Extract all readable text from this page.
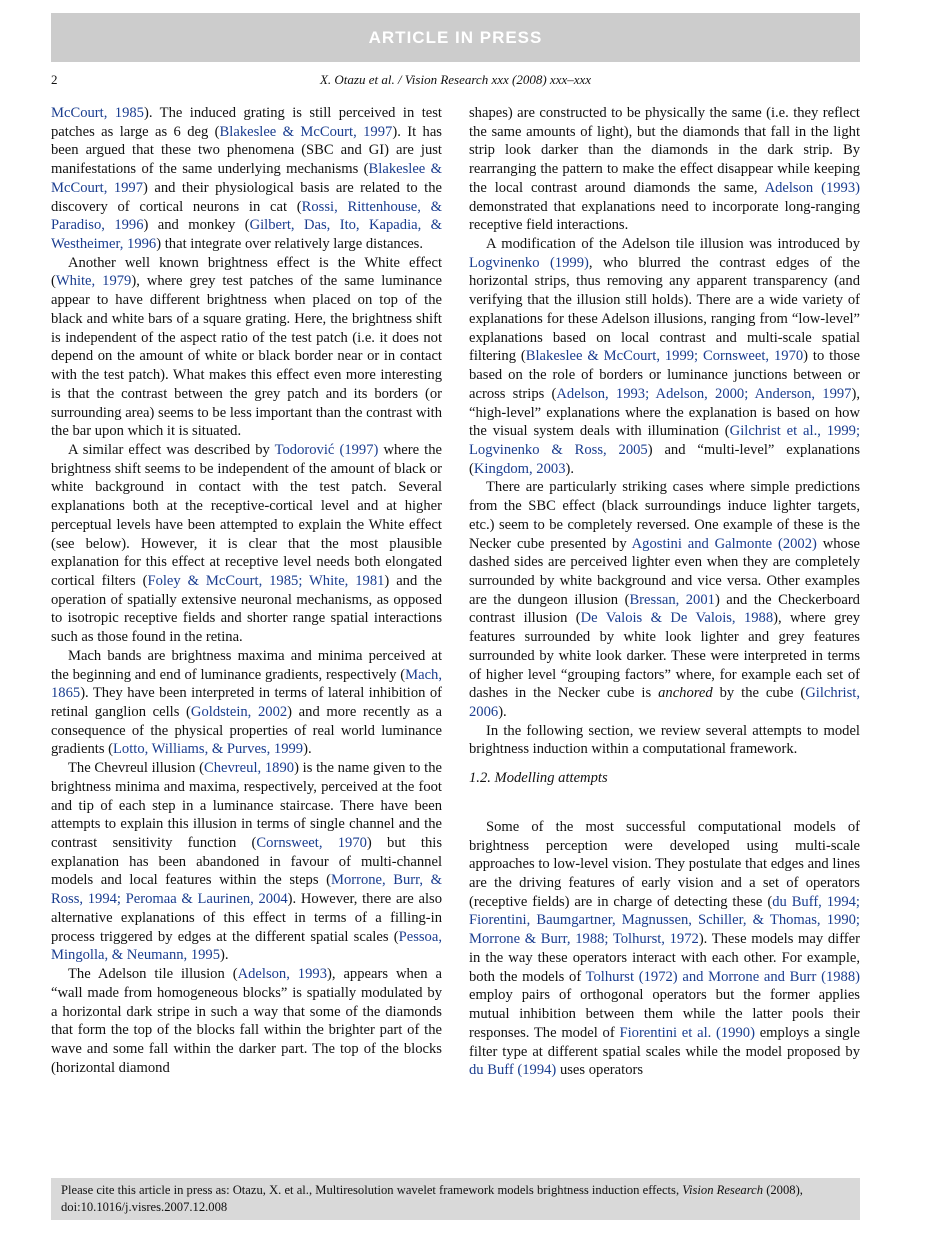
ARTICLE IN PRESS
2	X. Otazu et al. / Vision Research xxx (2008) xxx–xxx

McCourt, 1985). The induced grating is still perceived in test patches as large as 6 deg (Blakeslee & McCourt, 1997). It has been argued that these two phenomena (SBC and GI) are just manifestations of the same underlying mechanisms (Blakeslee & McCourt, 1997) and their physiological basis are related to the discovery of cortical neurons in cat (Rossi, Rittenhouse, & Paradiso, 1996) and monkey (Gilbert, Das, Ito, Kapadia, & Westheimer, 1996) that integrate over relatively large distances.

Another well known brightness effect is the White effect (White, 1979), where grey test patches of the same luminance appear to have different brightness when placed on top of the black and white bars of a square grating. Here, the brightness shift is independent of the aspect ratio of the test patch (i.e. it does not depend on the amount of white or black border near or in contact with the test patch). What makes this effect even more interesting is that the contrast between the grey patch and its borders (or surrounding area) seems to be less important than the contrast with the bar upon which it is situated.

A similar effect was described by Todorović (1997) where the brightness shift seems to be independent of the amount of black or white background in contact with the test patch. Several explanations both at the receptive-cortical level and at higher perceptual levels have been attempted to explain the White effect (see below). However, it is clear that the most plausible explanation for this effect at receptive level needs both elongated cortical filters (Foley & McCourt, 1985; White, 1981) and the operation of spatially extensive neuronal mechanisms, as opposed to isotropic receptive fields and shorter range spatial interactions such as those found in the retina.

Mach bands are brightness maxima and minima perceived at the beginning and end of luminance gradients, respectively (Mach, 1865). They have been interpreted in terms of lateral inhibition of retinal ganglion cells (Goldstein, 2002) and more recently as a consequence of the physical properties of real world luminance gradients (Lotto, Williams, & Purves, 1999).

The Chevreul illusion (Chevreul, 1890) is the name given to the brightness minima and maxima, respectively, perceived at the foot and tip of each step in a luminance staircase. There have been attempts to explain this illusion in terms of single channel and the contrast sensitivity function (Cornsweet, 1970) but this explanation has been abandoned in favour of multi-channel models and local features within the steps (Morrone, Burr, & Ross, 1994; Peromaa & Laurinen, 2004). However, there are also alternative explanations of this effect in terms of a filling-in process triggered by edges at the different spatial scales (Pessoa, Mingolla, & Neumann, 1995).

The Adelson tile illusion (Adelson, 1993), appears when a “wall made from homogeneous blocks” is spatially modulated by a horizontal dark stripe in such a way that some of the diamonds that form the top of the blocks fall within the brighter part of the wave and some fall within the darker part. The top of the blocks (horizontal diamond

shapes) are constructed to be physically the same (i.e. they reflect the same amounts of light), but the diamonds that fall in the light strip look darker than the diamonds in the dark strip. By rearranging the pattern to make the effect disappear while keeping the local contrast around diamonds the same, Adelson (1993) demonstrated that explanations need to incorporate long-ranging receptive field interactions.

A modification of the Adelson tile illusion was introduced by Logvinenko (1999), who blurred the contrast edges of the horizontal strips, thus removing any apparent transparency (and verifying that the illusion still holds). There are a wide variety of explanations for these Adelson illusions, ranging from “low-level” explanations based on local contrast and multi-scale spatial filtering (Blakeslee & McCourt, 1999; Cornsweet, 1970) to those based on the role of borders or luminance junctions between or across strips (Adelson, 1993; Adelson, 2000; Anderson, 1997), “high-level” explanations where the explanation is based on how the visual system deals with illumination (Gilchrist et al., 1999; Logvinenko & Ross, 2005) and “multi-level” explanations (Kingdom, 2003).

There are particularly striking cases where simple predictions from the SBC effect (black surroundings induce lighter targets, etc.) seem to be completely reversed. One example of these is the Necker cube presented by Agostini and Galmonte (2002) whose dashed sides are perceived lighter even when they are completely surrounded by white background and vice versa. Other examples are the dungeon illusion (Bressan, 2001) and the Checkerboard contrast illusion (De Valois & De Valois, 1988), where grey features surrounded by white look lighter and grey features surrounded by white look darker. These were interpreted in terms of higher level “grouping factors” where, for example each set of dashes in the Necker cube is anchored by the cube (Gilchrist, 2006).

In the following section, we review several attempts to model brightness induction within a computational framework.

1.2. Modelling attempts

Some of the most successful computational models of brightness perception were developed using multi-scale approaches to low-level vision. They postulate that edges and lines are the driving features of early vision and a set of operators (receptive fields) are in charge of detecting these (du Buff, 1994; Fiorentini, Baumgartner, Magnussen, Schiller, & Thomas, 1990; Morrone & Burr, 1988; Tolhurst, 1972). These models may differ in the way these operators interact with each other. For example, both the models of Tolhurst (1972) and Morrone and Burr (1988) employ pairs of orthogonal operators but the former applies mutual inhibition between them while the latter pools their responses. The model of Fiorentini et al. (1990) employs a single filter type at different spatial scales while the model proposed by du Buff (1994) uses operators

Please cite this article in press as: Otazu, X. et al., Multiresolution wavelet framework models brightness induction effects, Vision Research (2008), doi:10.1016/j.visres.2007.12.008
